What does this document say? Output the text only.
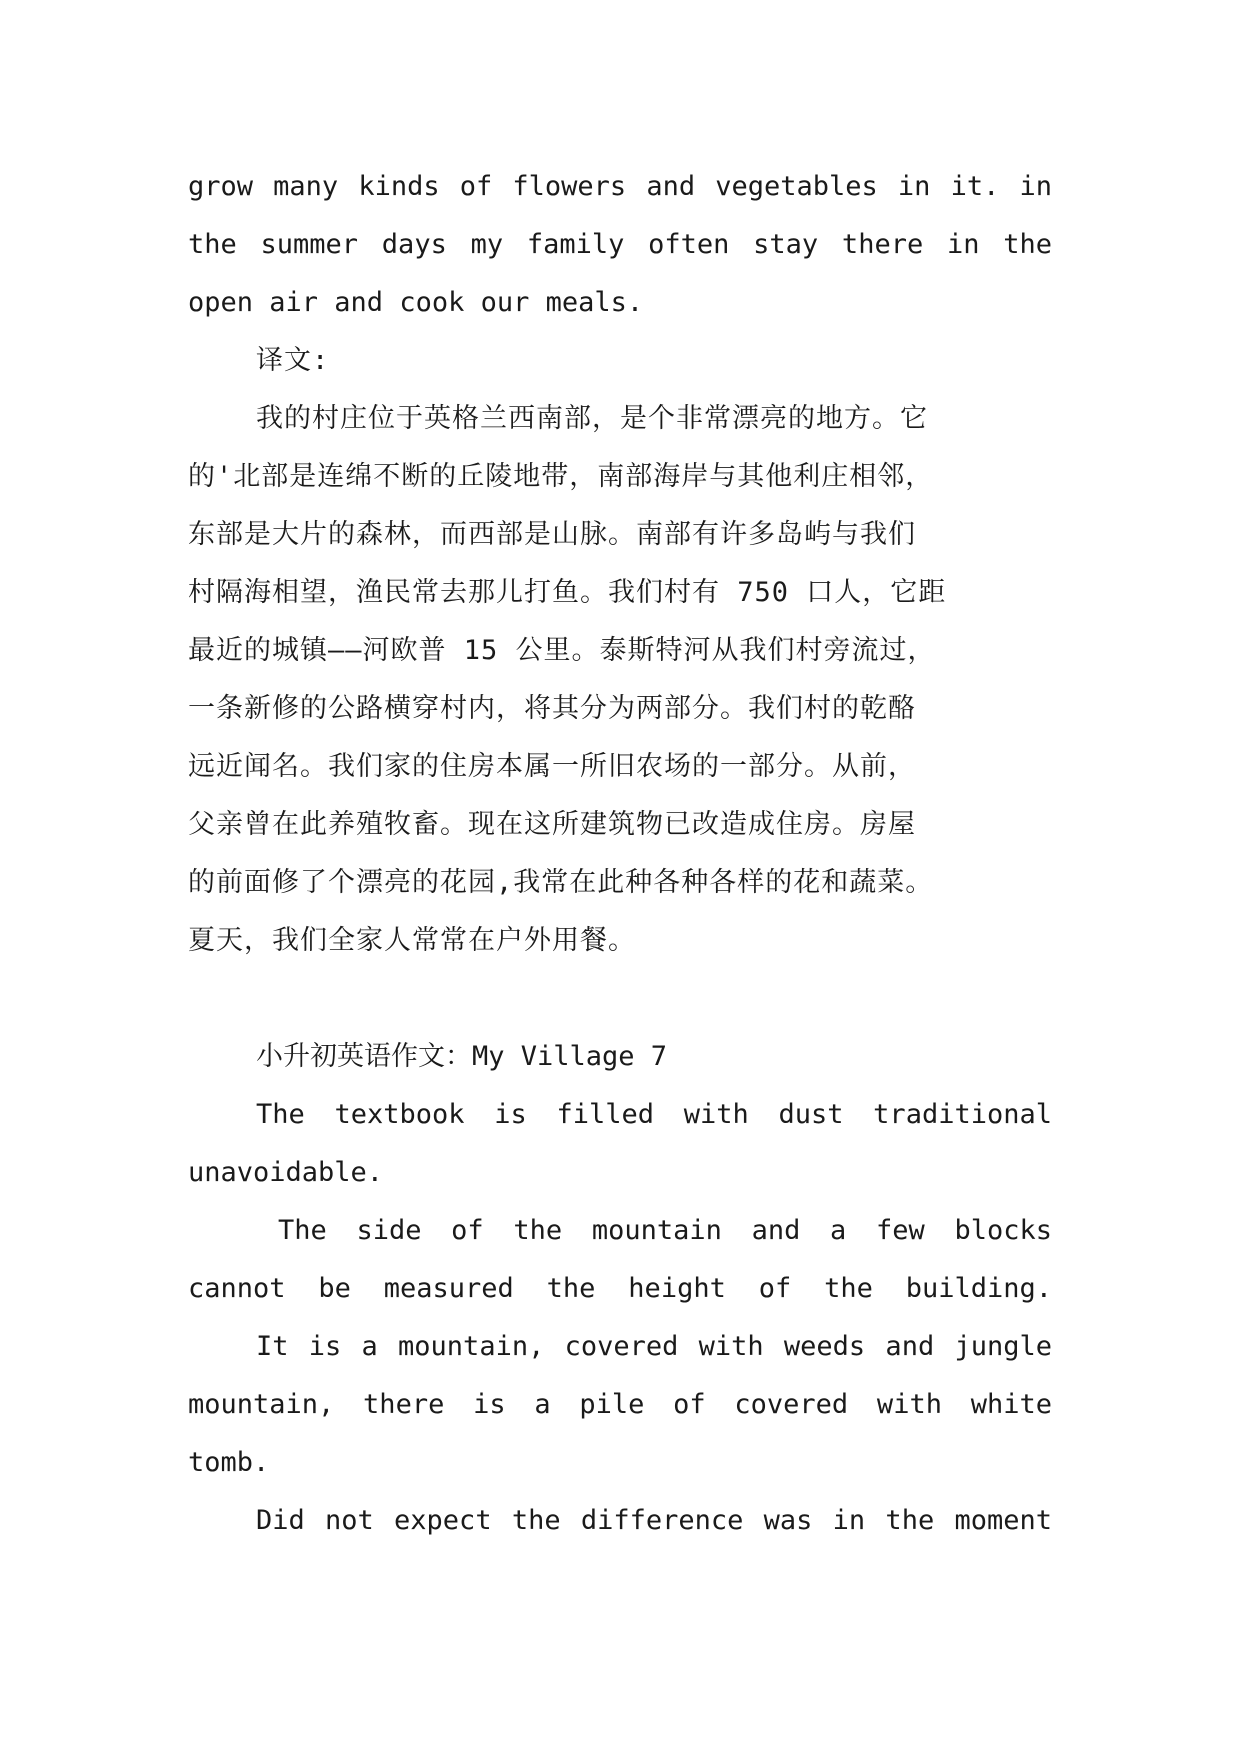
grow many kinds of flowers and vegetables in it. in
the summer days my family often stay there in the
open air and cook our meals.
译文:
我的村庄位于英格兰西南部，是个非常漂亮的地方。它
的'北部是连绵不断的丘陵地带，南部海岸与其他利庄相邻，
东部是大片的森林，而西部是山脉。南部有许多岛屿与我们
村隔海相望，渔民常去那儿打鱼。我们村有 750 口人，它距
最近的城镇——河欧普 15 公里。泰斯特河从我们村旁流过，
一条新修的公路横穿村内，将其分为两部分。我们村的乾酪
远近闻名。我们家的住房本属一所旧农场的一部分。从前，
父亲曾在此养殖牧畜。现在这所建筑物已改造成住房。房屋
的前面修了个漂亮的花园,我常在此种各种各样的花和蔬菜。
夏天，我们全家人常常在户外用餐。
小升初英语作文：My Village 7
The textbook is filled with dust traditional
unavoidable.
The side of the mountain and a few blocks
cannot be measured the height of the building.
It is a mountain, covered with weeds and jungle
mountain, there is a pile of covered with white
tomb.
Did not expect the difference was in the moment
